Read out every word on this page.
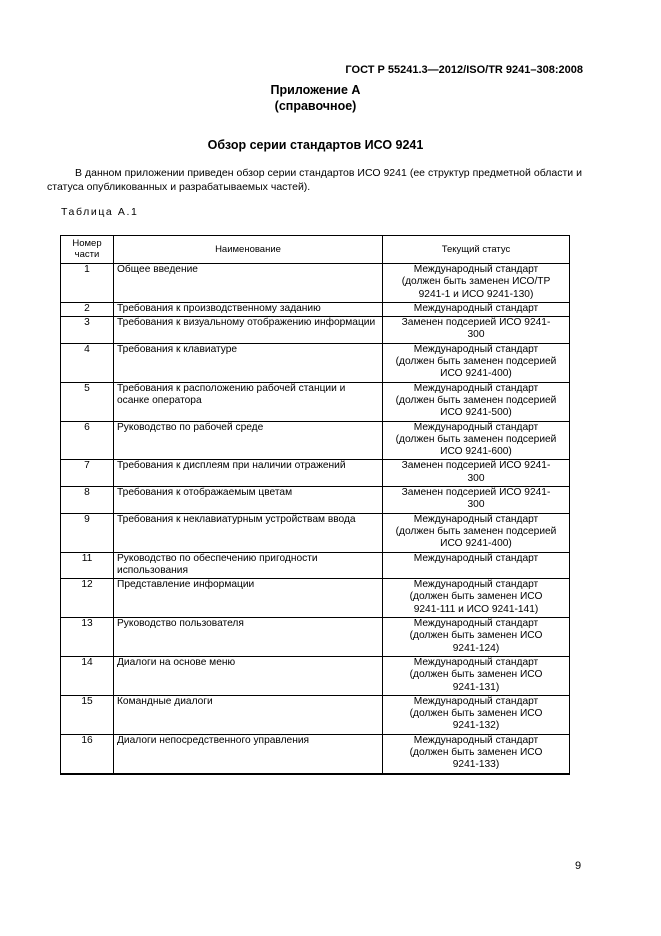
ГОСТ Р 55241.3—2012/ISO/TR 9241–308:2008
Приложение А
(справочное)
Обзор серии стандартов ИСО 9241

В данном приложении приведен обзор серии стандартов ИСО 9241 (ее структур предметной области и статуса опубликованных и разрабатываемых частей).

Таблица А.1
Номер
части	Наименование	Текущий статус
1	Общее введение	Международный стандарт
(должен быть заменен ИСО/ТР
9241-1 и ИСО 9241-130)

2	Требования к производственному заданию	Международный стандарт

3	Требования к визуальному отображению информации	Заменен подсерией ИСО 9241-
300

4	Требования к клавиатуре	Международный стандарт
(должен быть заменен подсерией
ИСО 9241-400)

5	Требования к расположению рабочей станции и осанке оператора	Международный стандарт
(должен быть заменен подсерией
ИСО 9241-500)

6	Руководство по рабочей среде	Международный стандарт
(должен быть заменен подсерией
ИСО 9241-600)

7	Требования к дисплеям при наличии отражений	Заменен подсерией ИСО 9241-
300

8	Требования к отображаемым цветам	Заменен подсерией ИСО 9241-
300

9	Требования к неклавиатурным устройствам ввода	Международный стандарт
(должен быть заменен подсерией
ИСО 9241-400)

11	Руководство по обеспечению пригодности использования	Международный стандарт

12	Представление информации	Международный стандарт
(должен быть заменен ИСО
9241-111 и ИСО 9241-141)

13	Руководство пользователя	Международный стандарт
(должен быть заменен ИСО
9241-124)

14	Диалоги на основе меню	Международный стандарт
(должен быть заменен ИСО
9241-131)

15	Командные диалоги	Международный стандарт
(должен быть заменен ИСО
9241-132)

16	Диалоги непосредственного управления	Международный стандарт
(должен быть заменен ИСО
9241-133)
9
